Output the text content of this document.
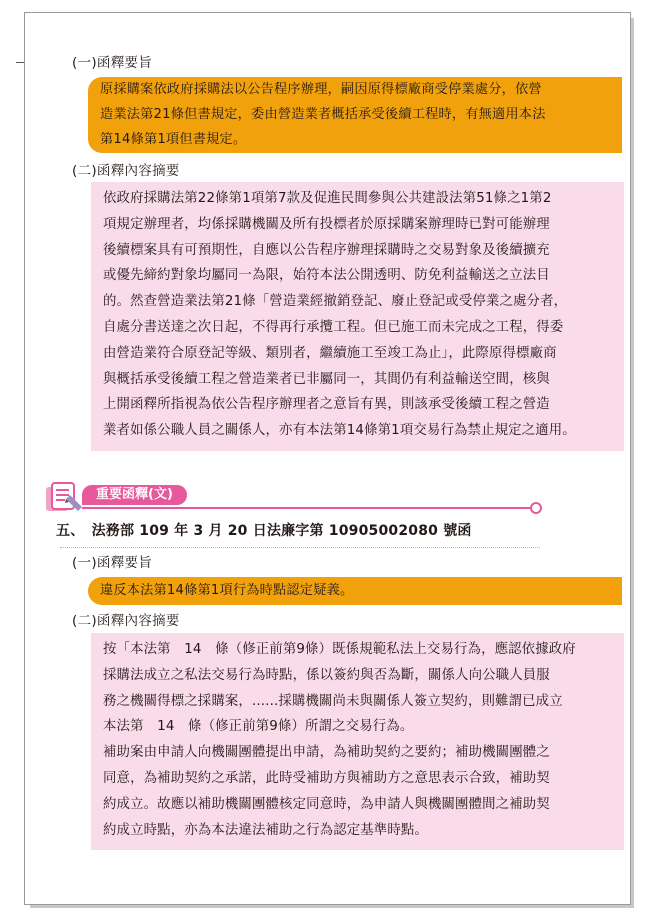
(一)函釋要旨
原採購案依政府採購法以公告程序辦理，嗣因原得標廠商受停業處分，依營
造業法第21條但書規定，委由營造業者概括承受後續工程時，有無適用本法
第14條第1項但書規定。
(二)函釋內容摘要
依政府採購法第22條第1項第7款及促進民間參與公共建設法第51條之1第2
項規定辦理者，均係採購機關及所有投標者於原採購案辦理時已對可能辦理
後續標案具有可預期性，自應以公告程序辦理採購時之交易對象及後續擴充
或優先締約對象均屬同一為限，始符本法公開透明、防免利益輸送之立法目
的。然查營造業法第21條「營造業經撤銷登記、廢止登記或受停業之處分者，
自處分書送達之次日起，不得再行承攬工程。但已施工而未完成之工程，得委
由營造業符合原登記等級、類別者，繼續施工至竣工為止」，此際原得標廠商
與概括承受後續工程之營造業者已非屬同一，其間仍有利益輸送空間，核與
上開函釋所指視為依公告程序辦理者之意旨有異，則該承受後續工程之營造
業者如係公職人員之關係人，亦有本法第14條第1項交易行為禁止規定之適用。
重要函釋(文)
五、　法務部 109 年 3 月 20 日法廉字第 10905002080 號函
(一)函釋要旨
違反本法第14條第1項行為時點認定疑義。
(二)函釋內容摘要
按「本法第　14　條（修正前第9條）既係規範私法上交易行為，應認依據政府
採購法成立之私法交易行為時點，係以簽約與否為斷，關係人向公職人員服
務之機關得標之採購案，......採購機關尚未與關係人簽立契約，則難謂已成立
本法第　14　條（修正前第9條）所謂之交易行為。
補助案由申請人向機關團體提出申請，為補助契約之要約；補助機關團體之
同意，為補助契約之承諾，此時受補助方與補助方之意思表示合致，補助契
約成立。故應以補助機關團體核定同意時，為申請人與機關團體間之補助契
約成立時點，亦為本法違法補助之行為認定基準時點。
